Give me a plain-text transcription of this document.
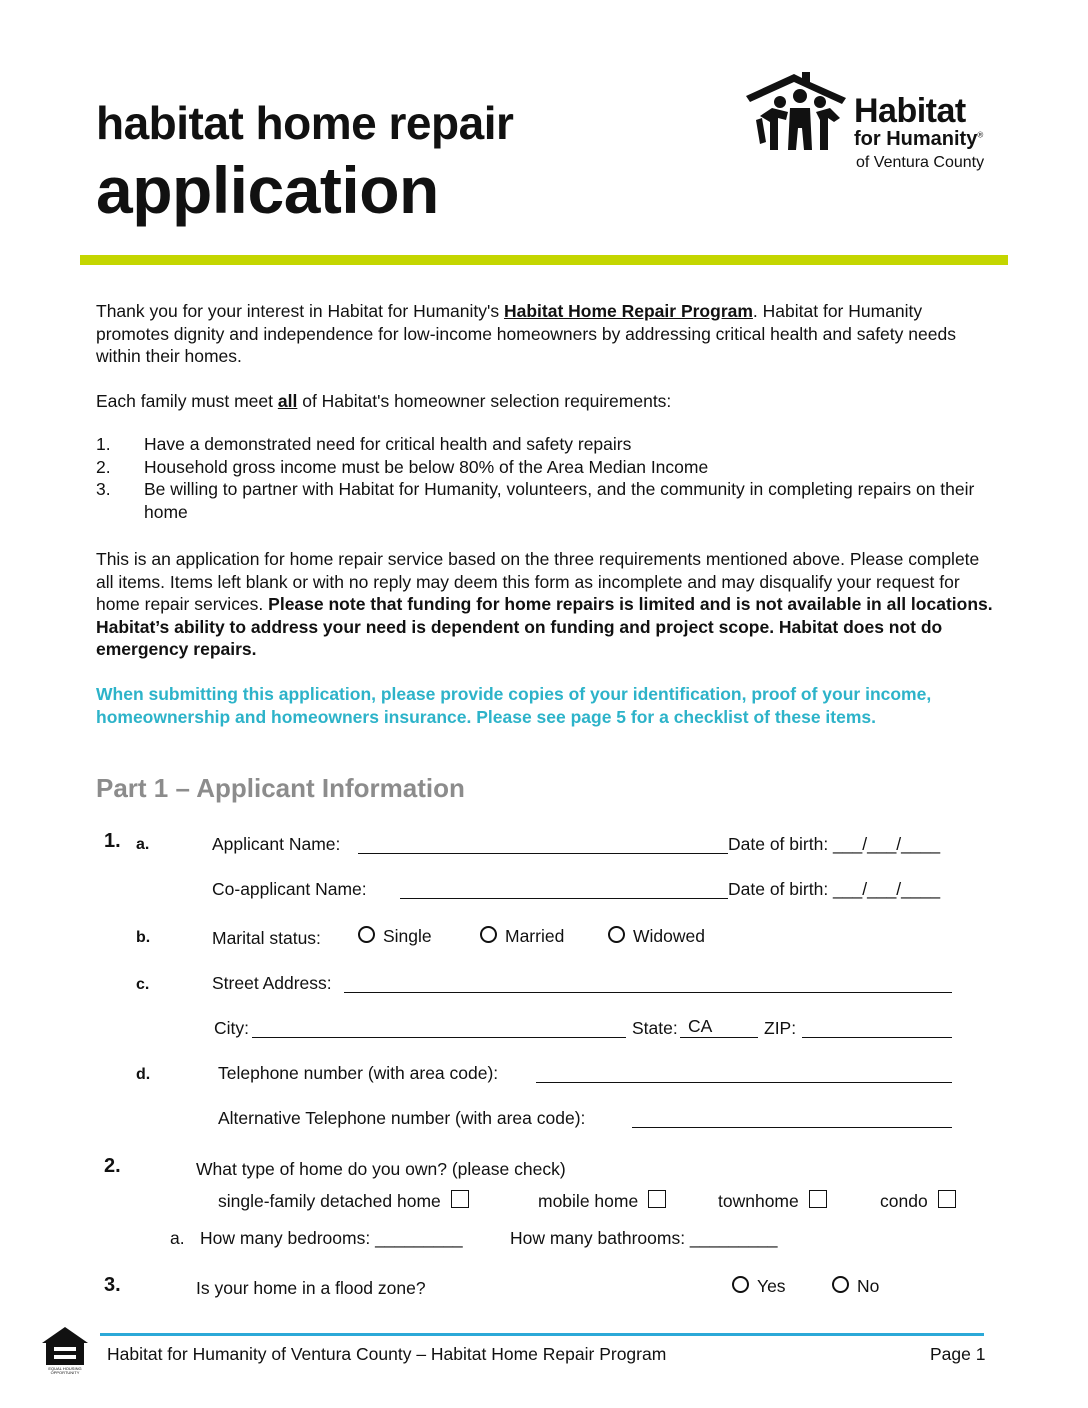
habitat home repair
application
Habitat
for Humanity®
of Ventura County
Thank you for your interest in Habitat for Humanity's Habitat Home Repair Program. Habitat for Humanity promotes dignity and independence for low-income homeowners by addressing critical health and safety needs within their homes.
Each family must meet all of Habitat's homeowner selection requirements:
1.	Have a demonstrated need for critical health and safety repairs
2.	Household gross income must be below 80% of the Area Median Income
3.	Be willing to partner with Habitat for Humanity, volunteers, and the community in completing repairs on their home
This is an application for home repair service based on the three requirements mentioned above. Please complete all items. Items left blank or with no reply may deem this form as incomplete and may disqualify your request for home repair services. Please note that funding for home repairs is limited and is not available in all locations. Habitat’s ability to address your need is dependent on funding and project scope. Habitat does not do emergency repairs.
When submitting this application, please provide copies of your identification, proof of your income, homeownership and homeowners insurance. Please see page 5 for a checklist of these items.
Part 1 – Applicant Information
1. a.	Applicant Name:	Date of birth: ___/___/____
Co-applicant Name:	Date of birth: ___/___/____
b.	Marital status:	Single	Married	Widowed
c.	Street Address:
City:	State: CA	ZIP:
d.	Telephone number (with area code):
Alternative Telephone number (with area code):
2.	What type of home do you own? (please check)
single-family detached home	mobile home	townhome	condo
a. How many bedrooms: _________	How many bathrooms: _________
3.	Is your home in a flood zone?	Yes	No
EQUAL HOUSING OPPORTUNITY
Habitat for Humanity of Ventura County – Habitat Home Repair Program	Page 1
